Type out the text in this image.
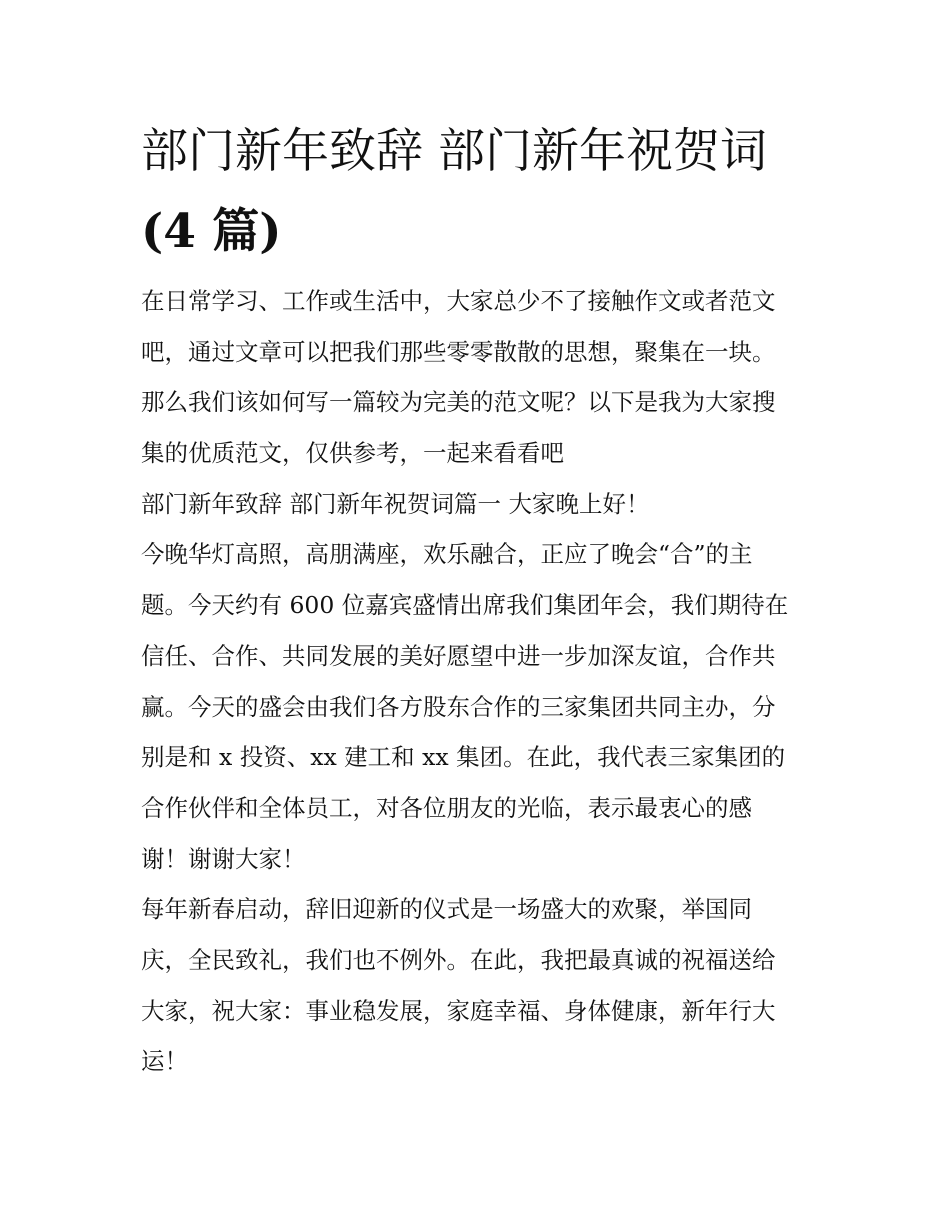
部门新年致辞 部门新年祝贺词
(4 篇)
在日常学习、工作或生活中，大家总少不了接触作文或者范文
吧，通过文章可以把我们那些零零散散的思想，聚集在一块。
那么我们该如何写一篇较为完美的范文呢？以下是我为大家搜
集的优质范文，仅供参考，一起来看看吧
部门新年致辞 部门新年祝贺词篇一 大家晚上好！
今晚华灯高照，高朋满座，欢乐融合，正应了晚会“合”的主
题。今天约有 600 位嘉宾盛情出席我们集团年会，我们期待在
信任、合作、共同发展的美好愿望中进一步加深友谊，合作共
赢。今天的盛会由我们各方股东合作的三家集团共同主办，分
别是和 x 投资、xx 建工和 xx 集团。在此，我代表三家集团的
合作伙伴和全体员工，对各位朋友的光临，表示最衷心的感
谢！谢谢大家！
每年新春启动，辞旧迎新的仪式是一场盛大的欢聚，举国同
庆，全民致礼，我们也不例外。在此，我把最真诚的祝福送给
大家，祝大家：事业稳发展，家庭幸福、身体健康，新年行大
运！
